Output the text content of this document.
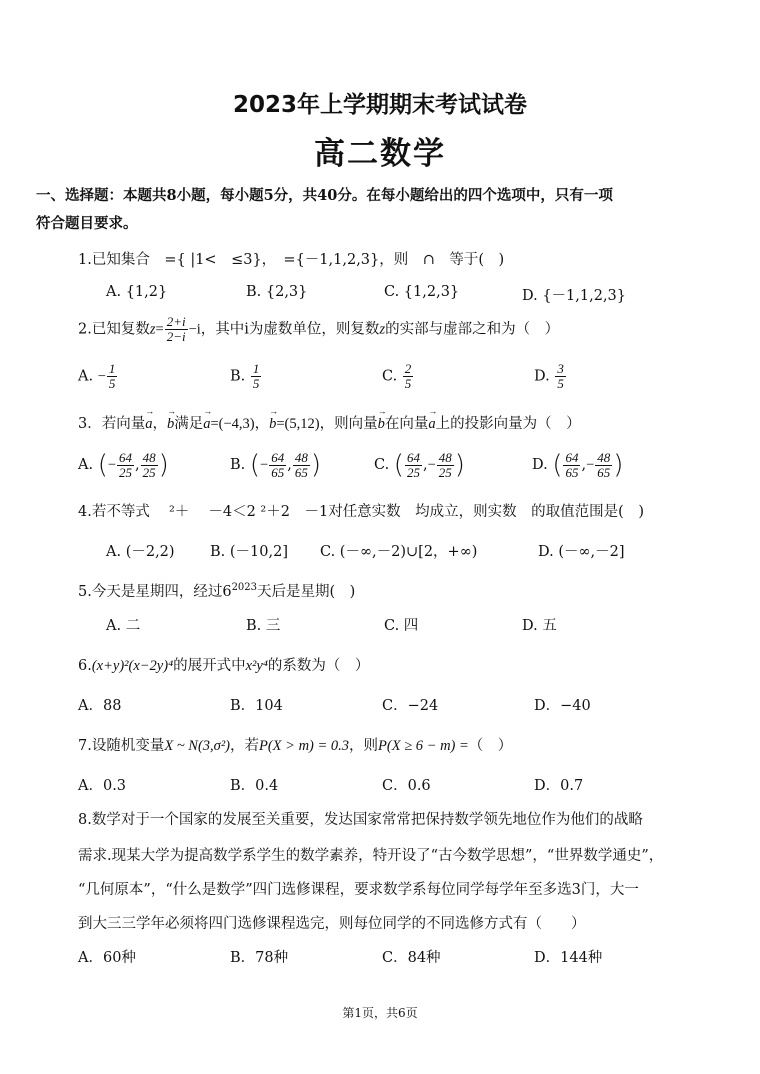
2023年上学期期末考试试卷
高二数学
一、选择题：本题共8小题，每小题5分，共40分。在每小题给出的四个选项中，只有一项
符合题目要求。
1.已知集合　={ |1<　≤3}，　={－1,1,2,3}，则　∩　等于(　)
A. {1,2}	B. {2,3}	C. {1,2,3}	D. {－1,1,2,3}
2.已知复数$z= \frac{2+i}{2-i} -i$，其中i为虚数单位，则复数z的实部与虚部之和为（　）
A. − $\frac{1}{5}$	B. $\frac{1}{5}$	C. $\frac{2}{5}$	D. $\frac{3}{5}$
3．若向量→ a，→ b满足→ a=(−4,3)，→ b=(5,12)，则向量→ b在向量→ a上的投影向量为（　）
A. (− $\frac{64}{25}$ , $\frac{48}{25}$ )	B. (− $\frac{64}{65}$ , $\frac{48}{65}$ )	C. ( $\frac{64}{25}$ ,− $\frac{48}{25}$ )	D. ( $\frac{64}{65}$ ,− $\frac{48}{65}$ )
4.若不等式　 ²＋　 －4＜2 ²＋2　－1对任意实数　均成立，则实数　的取值范围是(　)
A. (－2,2) B. (－10,2] C. (－∞,－2)∪[2，+∞)	D. (－∞,－2]
5.今天是星期四，经过$6^{2023}$天后是星期(　)
A. 二	B. 三	C. 四	D. 五
6.(x+y)²(x−2y)⁴的展开式中x²y⁴的系数为（　）
A．88	B．104	C．−24	D．−40
7.设随机变量X ~ N(3,σ²)，若P(X > m) = 0.3，则P(X ≥ 6 − m) =（　）
A．0.3	B．0.4	C．0.6	D．0.7
8.数学对于一个国家的发展至关重要，发达国家常常把保持数学领先地位作为他们的战略
需求.现某大学为提高数学系学生的数学素养，特开设了“古今数学思想”，“世界数学通史”，
“几何原本”，“什么是数学”四门选修课程，要求数学系每位同学每学年至多选3门，大一
到大三三学年必须将四门选修课程选完，则每位同学的不同选修方式有（　　）
A．60种	B．78种	C．84种	D．144种
第1页，共6页
